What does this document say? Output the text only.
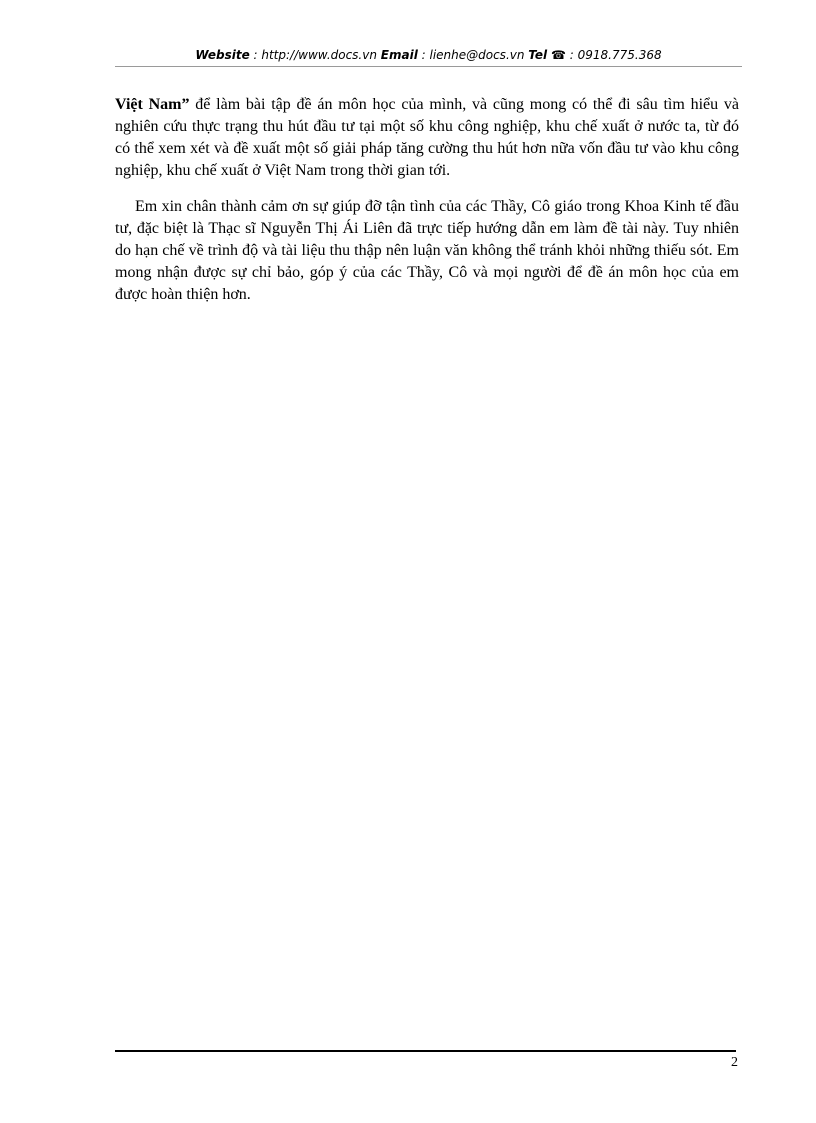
Website : http://www.docs.vn Email : lienhe@docs.vn Tel ☎ : 0918.775.368

Việt Nam” để làm bài tập đề án môn học của mình, và cũng mong có thể đi sâu tìm hiểu và nghiên cứu thực trạng thu hút đầu tư tại một số khu công nghiệp, khu chế xuất ở nước ta, từ đó có thể xem xét và đề xuất một số giải pháp tăng cường thu hút hơn nữa vốn đầu tư vào khu công nghiệp, khu chế xuất ở Việt Nam trong thời gian tới.

Em xin chân thành cảm ơn sự giúp đỡ tận tình của các Thầy, Cô giáo trong Khoa Kinh tế đầu tư, đặc biệt là Thạc sĩ Nguyễn Thị Ái Liên đã trực tiếp hướng dẫn em làm đề tài này. Tuy nhiên do hạn chế về trình độ và tài liệu thu thập nên luận văn không thể tránh khỏi những thiếu sót. Em mong nhận được sự chỉ bảo, góp ý của các Thầy, Cô và mọi người để đề án môn học của em được hoàn thiện hơn.

2
